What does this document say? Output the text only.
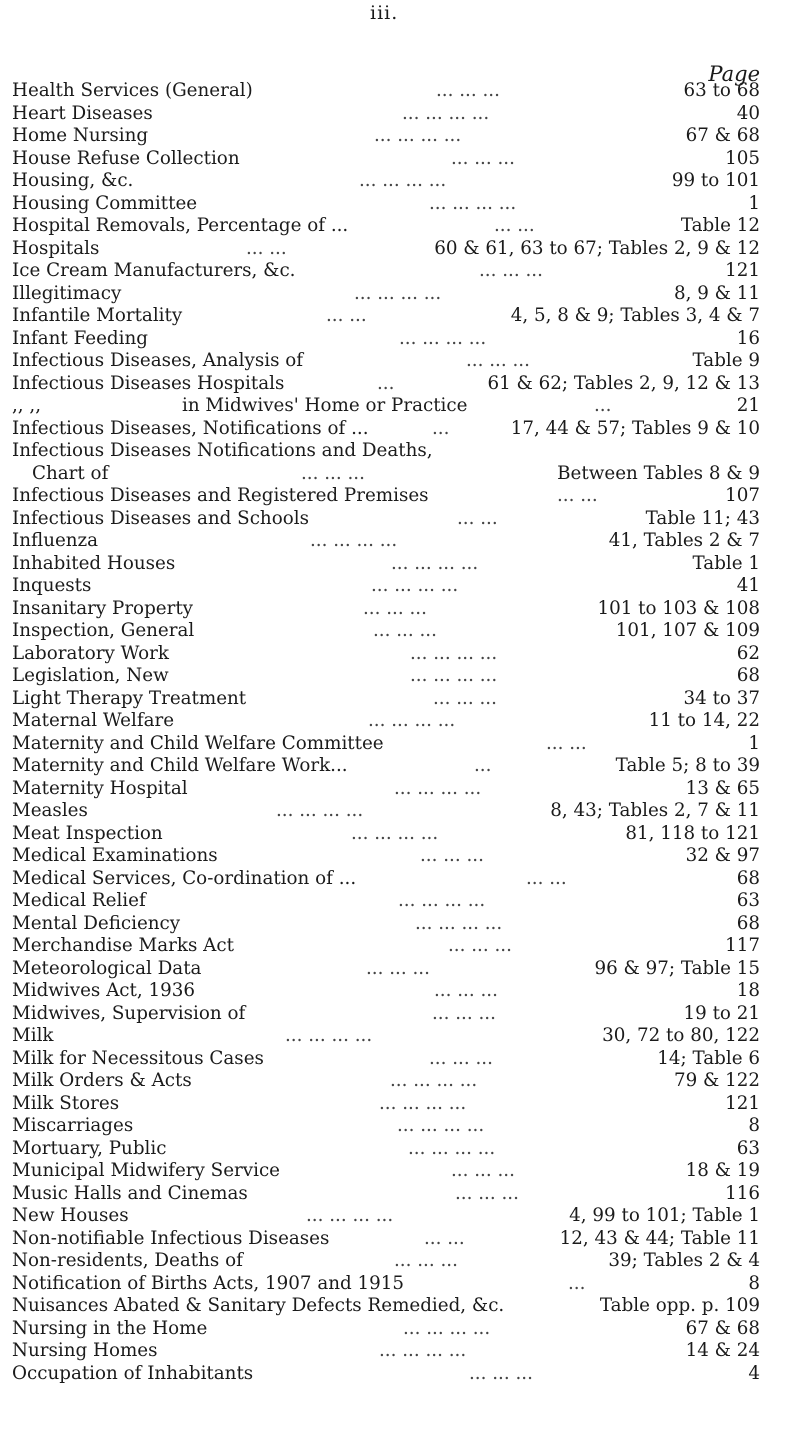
iii.
Page
Health Services (General)	63 to 68
... ... ...
Heart Diseases	40
... ... ... ...
Home Nursing	67 & 68
... ... ... ...
House Refuse Collection	105
... ... ...
Housing, &c.	99 to 101
... ... ... ...
Housing Committee	1
... ... ... ...
Hospital Removals, Percentage of ...	Table 12
... ...
Hospitals	60 & 61, 63 to 67; Tables 2, 9 & 12
... ...
Ice Cream Manufacturers, &c.	121
... ... ...
Illegitimacy	8, 9 & 11
... ... ... ...
Infantile Mortality	4, 5, 8 & 9; Tables 3, 4 & 7
... ...
Infant Feeding	16
... ... ... ...
Infectious Diseases, Analysis of	Table 9
... ... ...
Infectious Diseases Hospitals	61 & 62; Tables 2, 9, 12 & 13
...
,, ,,	in Midwives' Home or Practice	21
...
Infectious Diseases, Notifications of ...	17, 44 & 57; Tables 9 & 10
...
Infectious Diseases Notifications and Deaths,
Chart of	Between Tables 8 & 9
... ... ...
Infectious Diseases and Registered Premises	107
... ...
Infectious Diseases and Schools	Table 11; 43
... ...
Influenza	41, Tables 2 & 7
... ... ... ...
Inhabited Houses	Table 1
... ... ... ...
Inquests	41
... ... ... ...
Insanitary Property	101 to 103 & 108
... ... ...
Inspection, General	101, 107 & 109
... ... ...
Laboratory Work	62
... ... ... ...
Legislation, New	68
... ... ... ...
Light Therapy Treatment	34 to 37
... ... ...
Maternal Welfare	11 to 14, 22
... ... ... ...
Maternity and Child Welfare Committee	1
... ...
Maternity and Child Welfare Work...	Table 5; 8 to 39
...
Maternity Hospital	13 & 65
... ... ... ...
Measles	8, 43; Tables 2, 7 & 11
... ... ... ...
Meat Inspection	81, 118 to 121
... ... ... ...
Medical Examinations	32 & 97
... ... ...
Medical Services, Co-ordination of ...	68
... ...
Medical Relief	63
... ... ... ...
Mental Deficiency	68
... ... ... ...
Merchandise Marks Act	117
... ... ...
Meteorological Data	96 & 97; Table 15
... ... ...
Midwives Act, 1936	18
... ... ...
Midwives, Supervision of	19 to 21
... ... ...
Milk	30, 72 to 80, 122
... ... ... ...
Milk for Necessitous Cases	14; Table 6
... ... ...
Milk Orders & Acts	79 & 122
... ... ... ...
Milk Stores	121
... ... ... ...
Miscarriages	8
... ... ... ...
Mortuary, Public	63
... ... ... ...
Municipal Midwifery Service	18 & 19
... ... ...
Music Halls and Cinemas	116
... ... ...
New Houses	4, 99 to 101; Table 1
... ... ... ...
Non-notifiable Infectious Diseases	12, 43 & 44; Table 11
... ...
Non-residents, Deaths of	39; Tables 2 & 4
... ... ...
Notification of Births Acts, 1907 and 1915	8
...
Nuisances Abated & Sanitary Defects Remedied, &c.	Table opp. p. 109
Nursing in the Home	67 & 68
... ... ... ...
Nursing Homes	14 & 24
... ... ... ...
Occupation of Inhabitants	4
... ... ...
